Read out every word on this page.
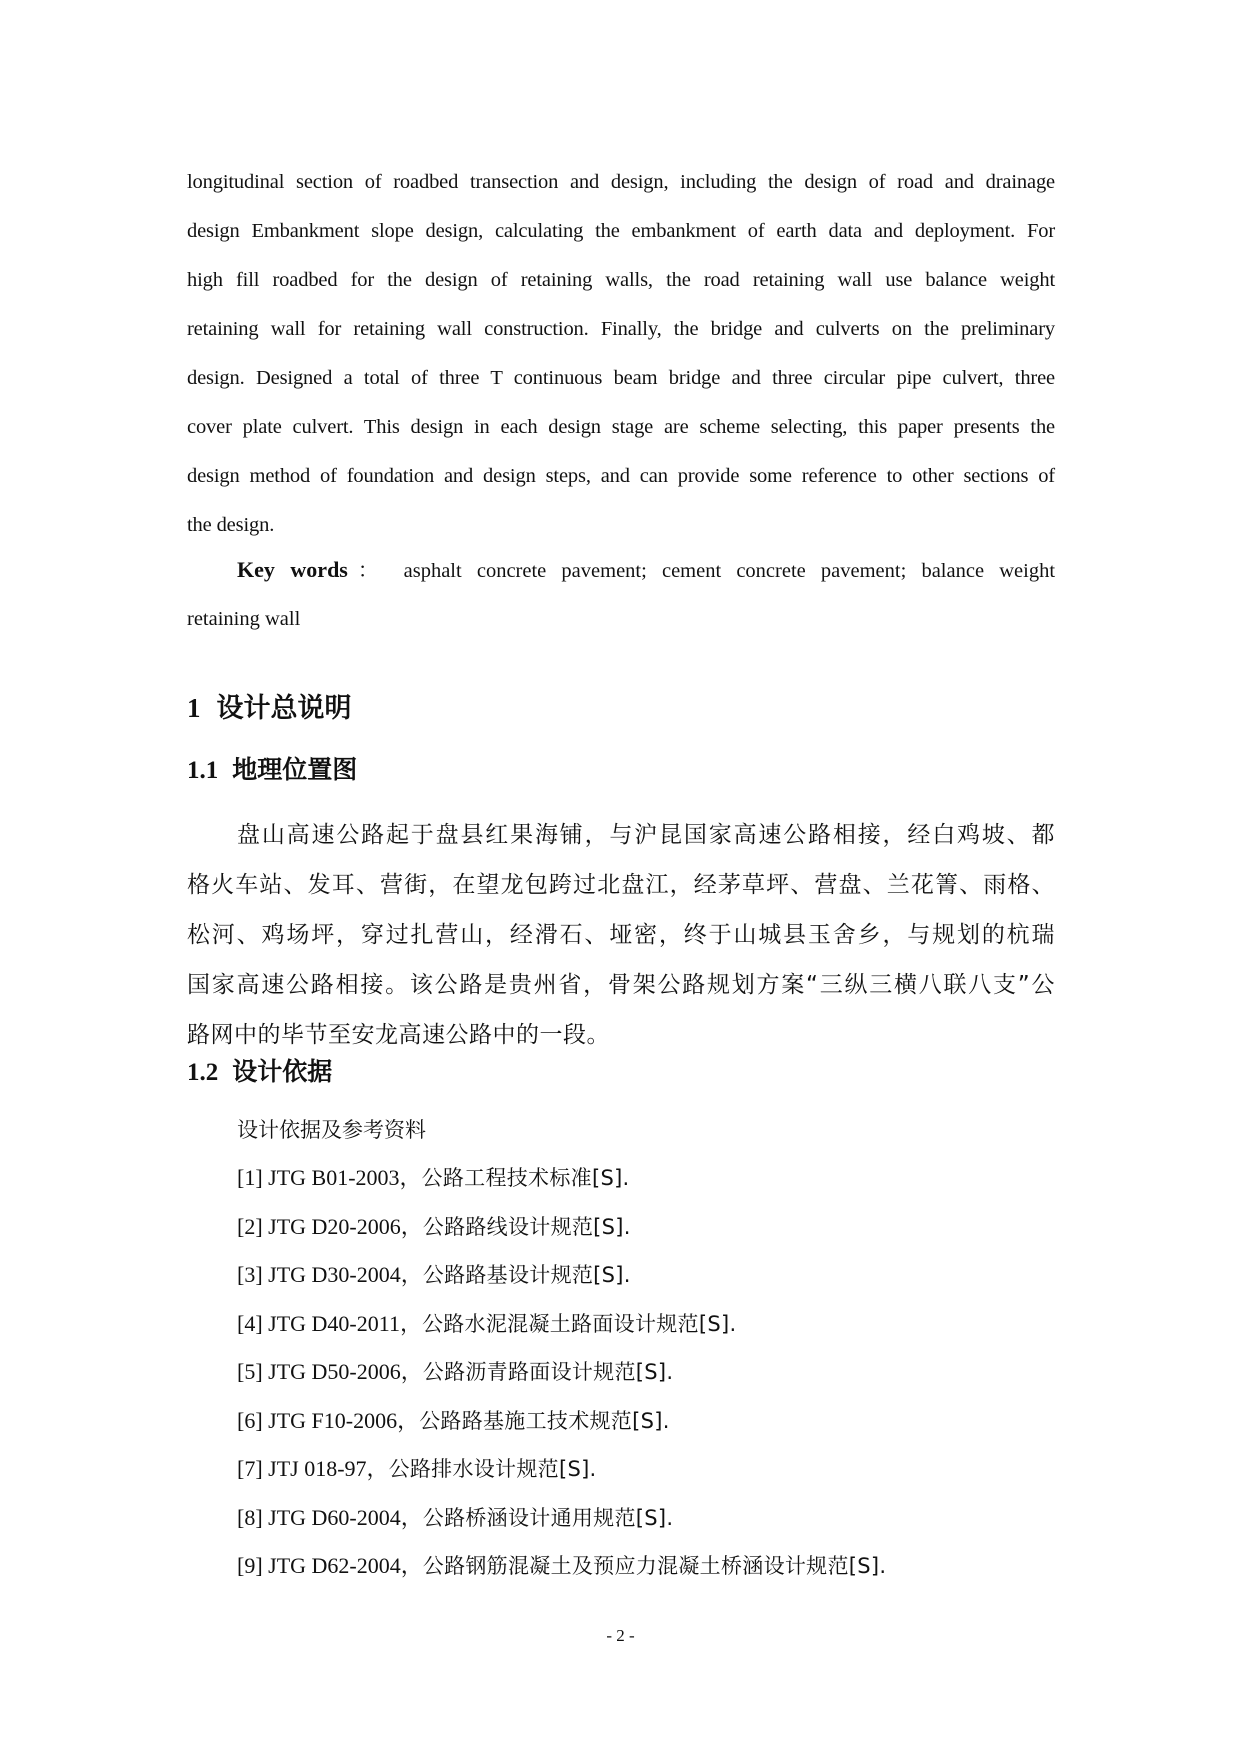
longitudinal section of roadbed transection and design, including the design of road and drainage
design Embankment slope design, calculating the embankment of earth data and deployment. For
high fill roadbed for the design of retaining walls, the road retaining wall use balance weight
retaining wall for retaining wall construction. Finally, the bridge and culverts on the preliminary
design. Designed a total of three T continuous beam bridge and three circular pipe culvert, three
cover plate culvert. This design in each design stage are scheme selecting, this paper presents the
design method of foundation and design steps, and can provide some reference to other sections of
the design.
Key words： asphalt concrete pavement; cement concrete pavement; balance weight
retaining wall
1 设计总说明
1.1 地理位置图
盘山高速公路起于盘县红果海铺，与沪昆国家高速公路相接，经白鸡坡、都
格火车站、发耳、营街，在望龙包跨过北盘江，经茅草坪、营盘、兰花箐、雨格、
松河、鸡场坪，穿过扎营山，经滑石、垭密，终于山城县玉舍乡，与规划的杭瑞
国家高速公路相接。该公路是贵州省，骨架公路规划方案“三纵三横八联八支”公
路网中的毕节至安龙高速公路中的一段。
1.2 设计依据
设计依据及参考资料
[1] JTG B01-2003，公路工程技术标准[S].
[2] JTG D20-2006，公路路线设计规范[S].
[3] JTG D30-2004，公路路基设计规范[S].
[4] JTG D40-2011，公路水泥混凝土路面设计规范[S].
[5] JTG D50-2006，公路沥青路面设计规范[S].
[6] JTG F10-2006，公路路基施工技术规范[S].
[7] JTJ 018-97，公路排水设计规范[S].
[8] JTG D60-2004，公路桥涵设计通用规范[S].
[9] JTG D62-2004，公路钢筋混凝土及预应力混凝土桥涵设计规范[S].
- 2 -
